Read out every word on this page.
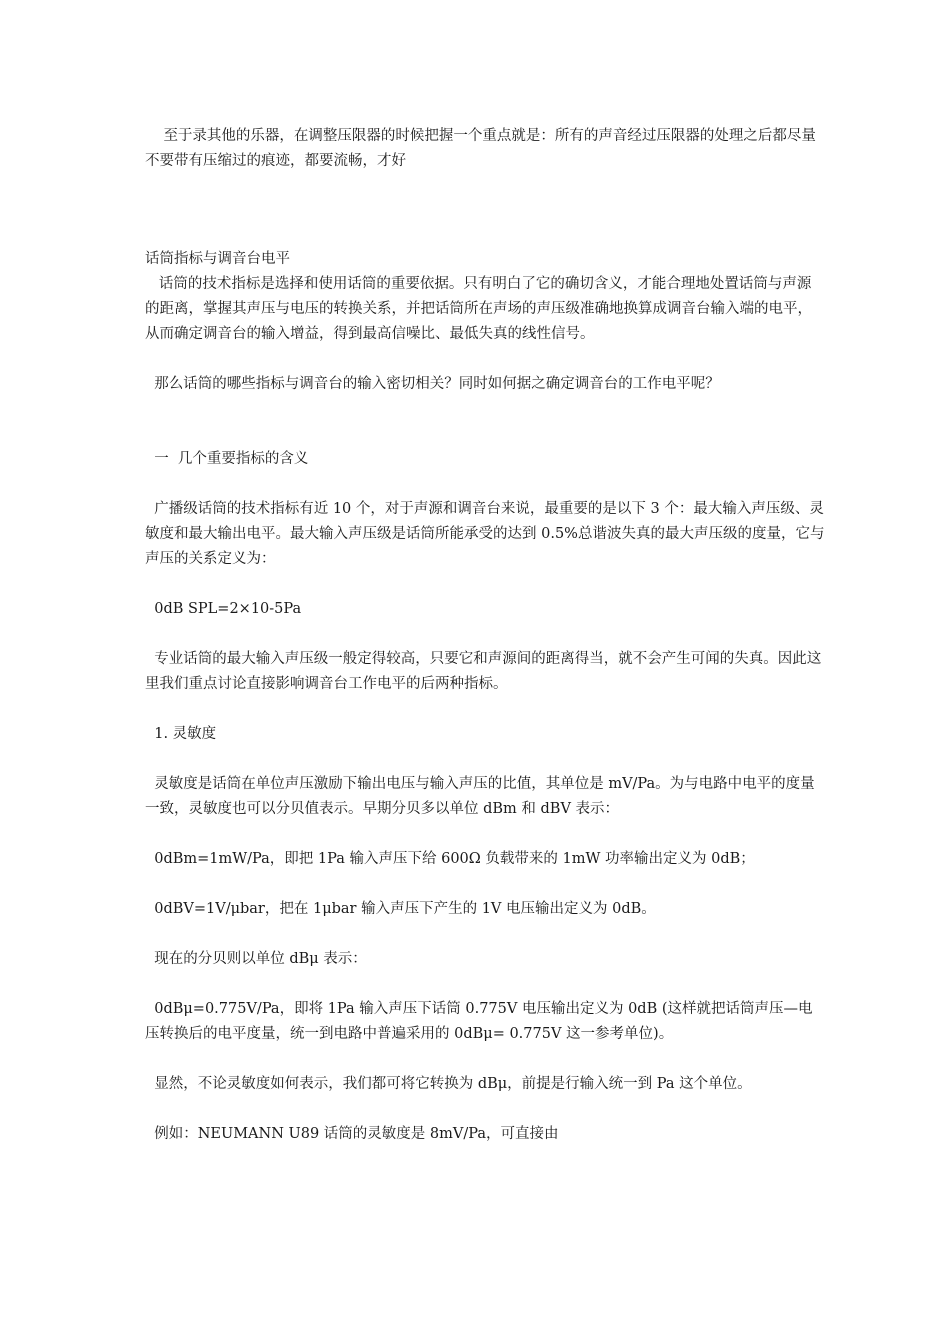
至于录其他的乐器，在调整压限器的时候把握一个重点就是：所有的声音经过压限器的处理之后都尽量不要带有压缩过的痕迹，都要流畅，才好

话筒指标与调音台电平

话筒的技术指标是选择和使用话筒的重要依据。只有明白了它的确切含义，才能合理地处置话筒与声源的距离，掌握其声压与电压的转换关系，并把话筒所在声场的声压级准确地换算成调音台输入端的电平，从而确定调音台的输入增益，得到最高信噪比、最低失真的线性信号。

那么话筒的哪些指标与调音台的输入密切相关？同时如何据之确定调音台的工作电平呢？

一  几个重要指标的含义

广播级话筒的技术指标有近 10 个，对于声源和调音台来说，最重要的是以下 3 个：最大输入声压级、灵敏度和最大输出电平。最大输入声压级是话筒所能承受的达到 0.5%总谐波失真的最大声压级的度量，它与声压的关系定义为：

0dB SPL=2×10-5Pa

专业话筒的最大输入声压级一般定得较高，只要它和声源间的距离得当，就不会产生可闻的失真。因此这里我们重点讨论直接影响调音台工作电平的后两种指标。

1. 灵敏度

灵敏度是话筒在单位声压激励下输出电压与输入声压的比值，其单位是 mV/Pa。为与电路中电平的度量一致，灵敏度也可以分贝值表示。早期分贝多以单位 dBm 和 dBV 表示：

0dBm=1mW/Pa，即把 1Pa 输入声压下给 600Ω 负载带来的 1mW 功率输出定义为 0dB；

0dBV=1V/μbar，把在 1μbar 输入声压下产生的 1V 电压输出定义为 0dB。

现在的分贝则以单位 dBμ 表示：

0dBμ=0.775V/Pa，即将 1Pa 输入声压下话筒 0.775V 电压输出定义为 0dB (这样就把话筒声压—电压转换后的电平度量，统一到电路中普遍采用的 0dBμ= 0.775V 这一参考单位)。

显然，不论灵敏度如何表示，我们都可将它转换为 dBμ，前提是行输入统一到 Pa 这个单位。

例如：NEUMANN U89 话筒的灵敏度是 8mV/Pa，可直接由
